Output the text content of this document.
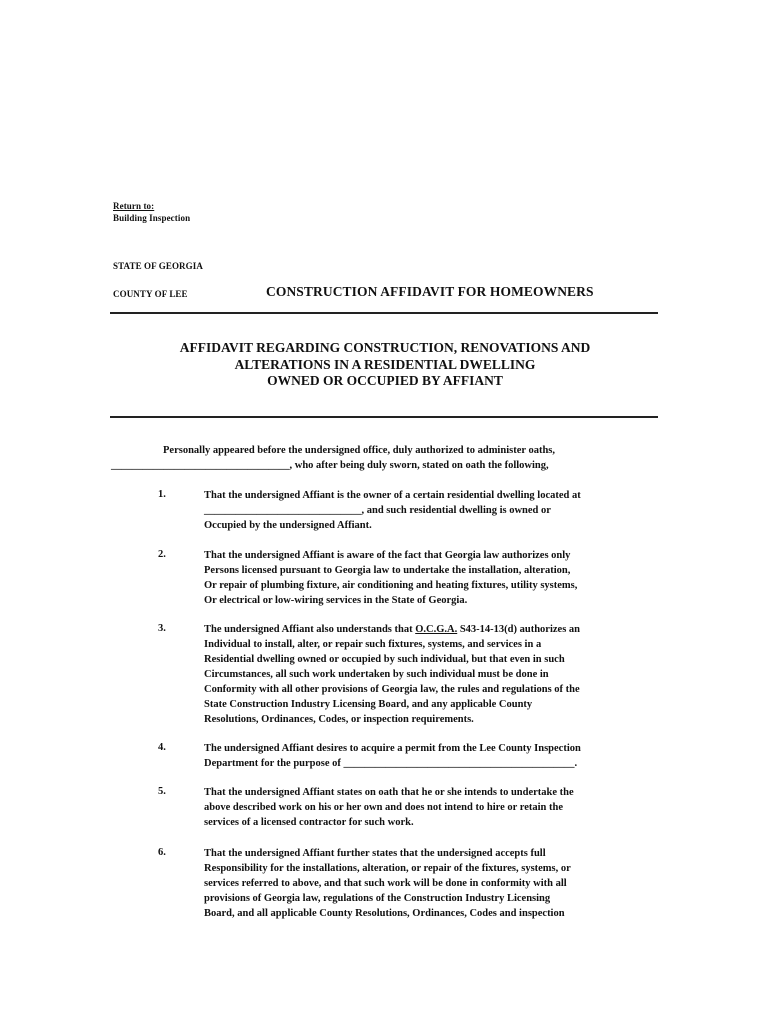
Return to:
Building Inspection
STATE OF GEORGIA
COUNTY OF LEE	CONSTRUCTION AFFIDAVIT FOR HOMEOWNERS
AFFIDAVIT REGARDING CONSTRUCTION, RENOVATIONS AND
ALTERATIONS IN A RESIDENTIAL DWELLING
OWNED OR OCCUPIED BY AFFIANT
Personally appeared before the undersigned office, duly authorized to administer oaths,
__________________________________, who after being duly sworn, stated on oath the following,
1.	That the undersigned Affiant is the owner of a certain residential dwelling located at
______________________________, and such residential dwelling is owned or
Occupied by the undersigned Affiant.
2.	That the undersigned Affiant is aware of the fact that Georgia law authorizes only
Persons licensed pursuant to Georgia law to undertake the installation, alteration,
Or repair of plumbing fixture, air conditioning and heating fixtures, utility systems,
Or electrical or low-wiring services in the State of Georgia.
3.	The undersigned Affiant also understands that O.C.G.A. S43-14-13(d) authorizes an
Individual to install, alter, or repair such fixtures, systems, and services in a
Residential dwelling owned or occupied by such individual, but that even in such
Circumstances, all such work undertaken by such individual must be done in
Conformity with all other provisions of Georgia law, the rules and regulations of the
State Construction Industry Licensing Board, and any applicable County
Resolutions, Ordinances, Codes, or inspection requirements.
4.	The undersigned Affiant desires to acquire a permit from the Lee County Inspection
Department for the purpose of ____________________________________________.
5.	That the undersigned Affiant states on oath that he or she intends to undertake the
above described work on his or her own and does not intend to hire or retain the
services of a licensed contractor for such work.
6.	That the undersigned Affiant further states that the undersigned accepts full
Responsibility for the installations, alteration, or repair of the fixtures, systems, or
services referred to above, and that such work will be done in conformity with all
provisions of Georgia law, regulations of the Construction Industry Licensing
Board, and all applicable County Resolutions, Ordinances, Codes and inspection
